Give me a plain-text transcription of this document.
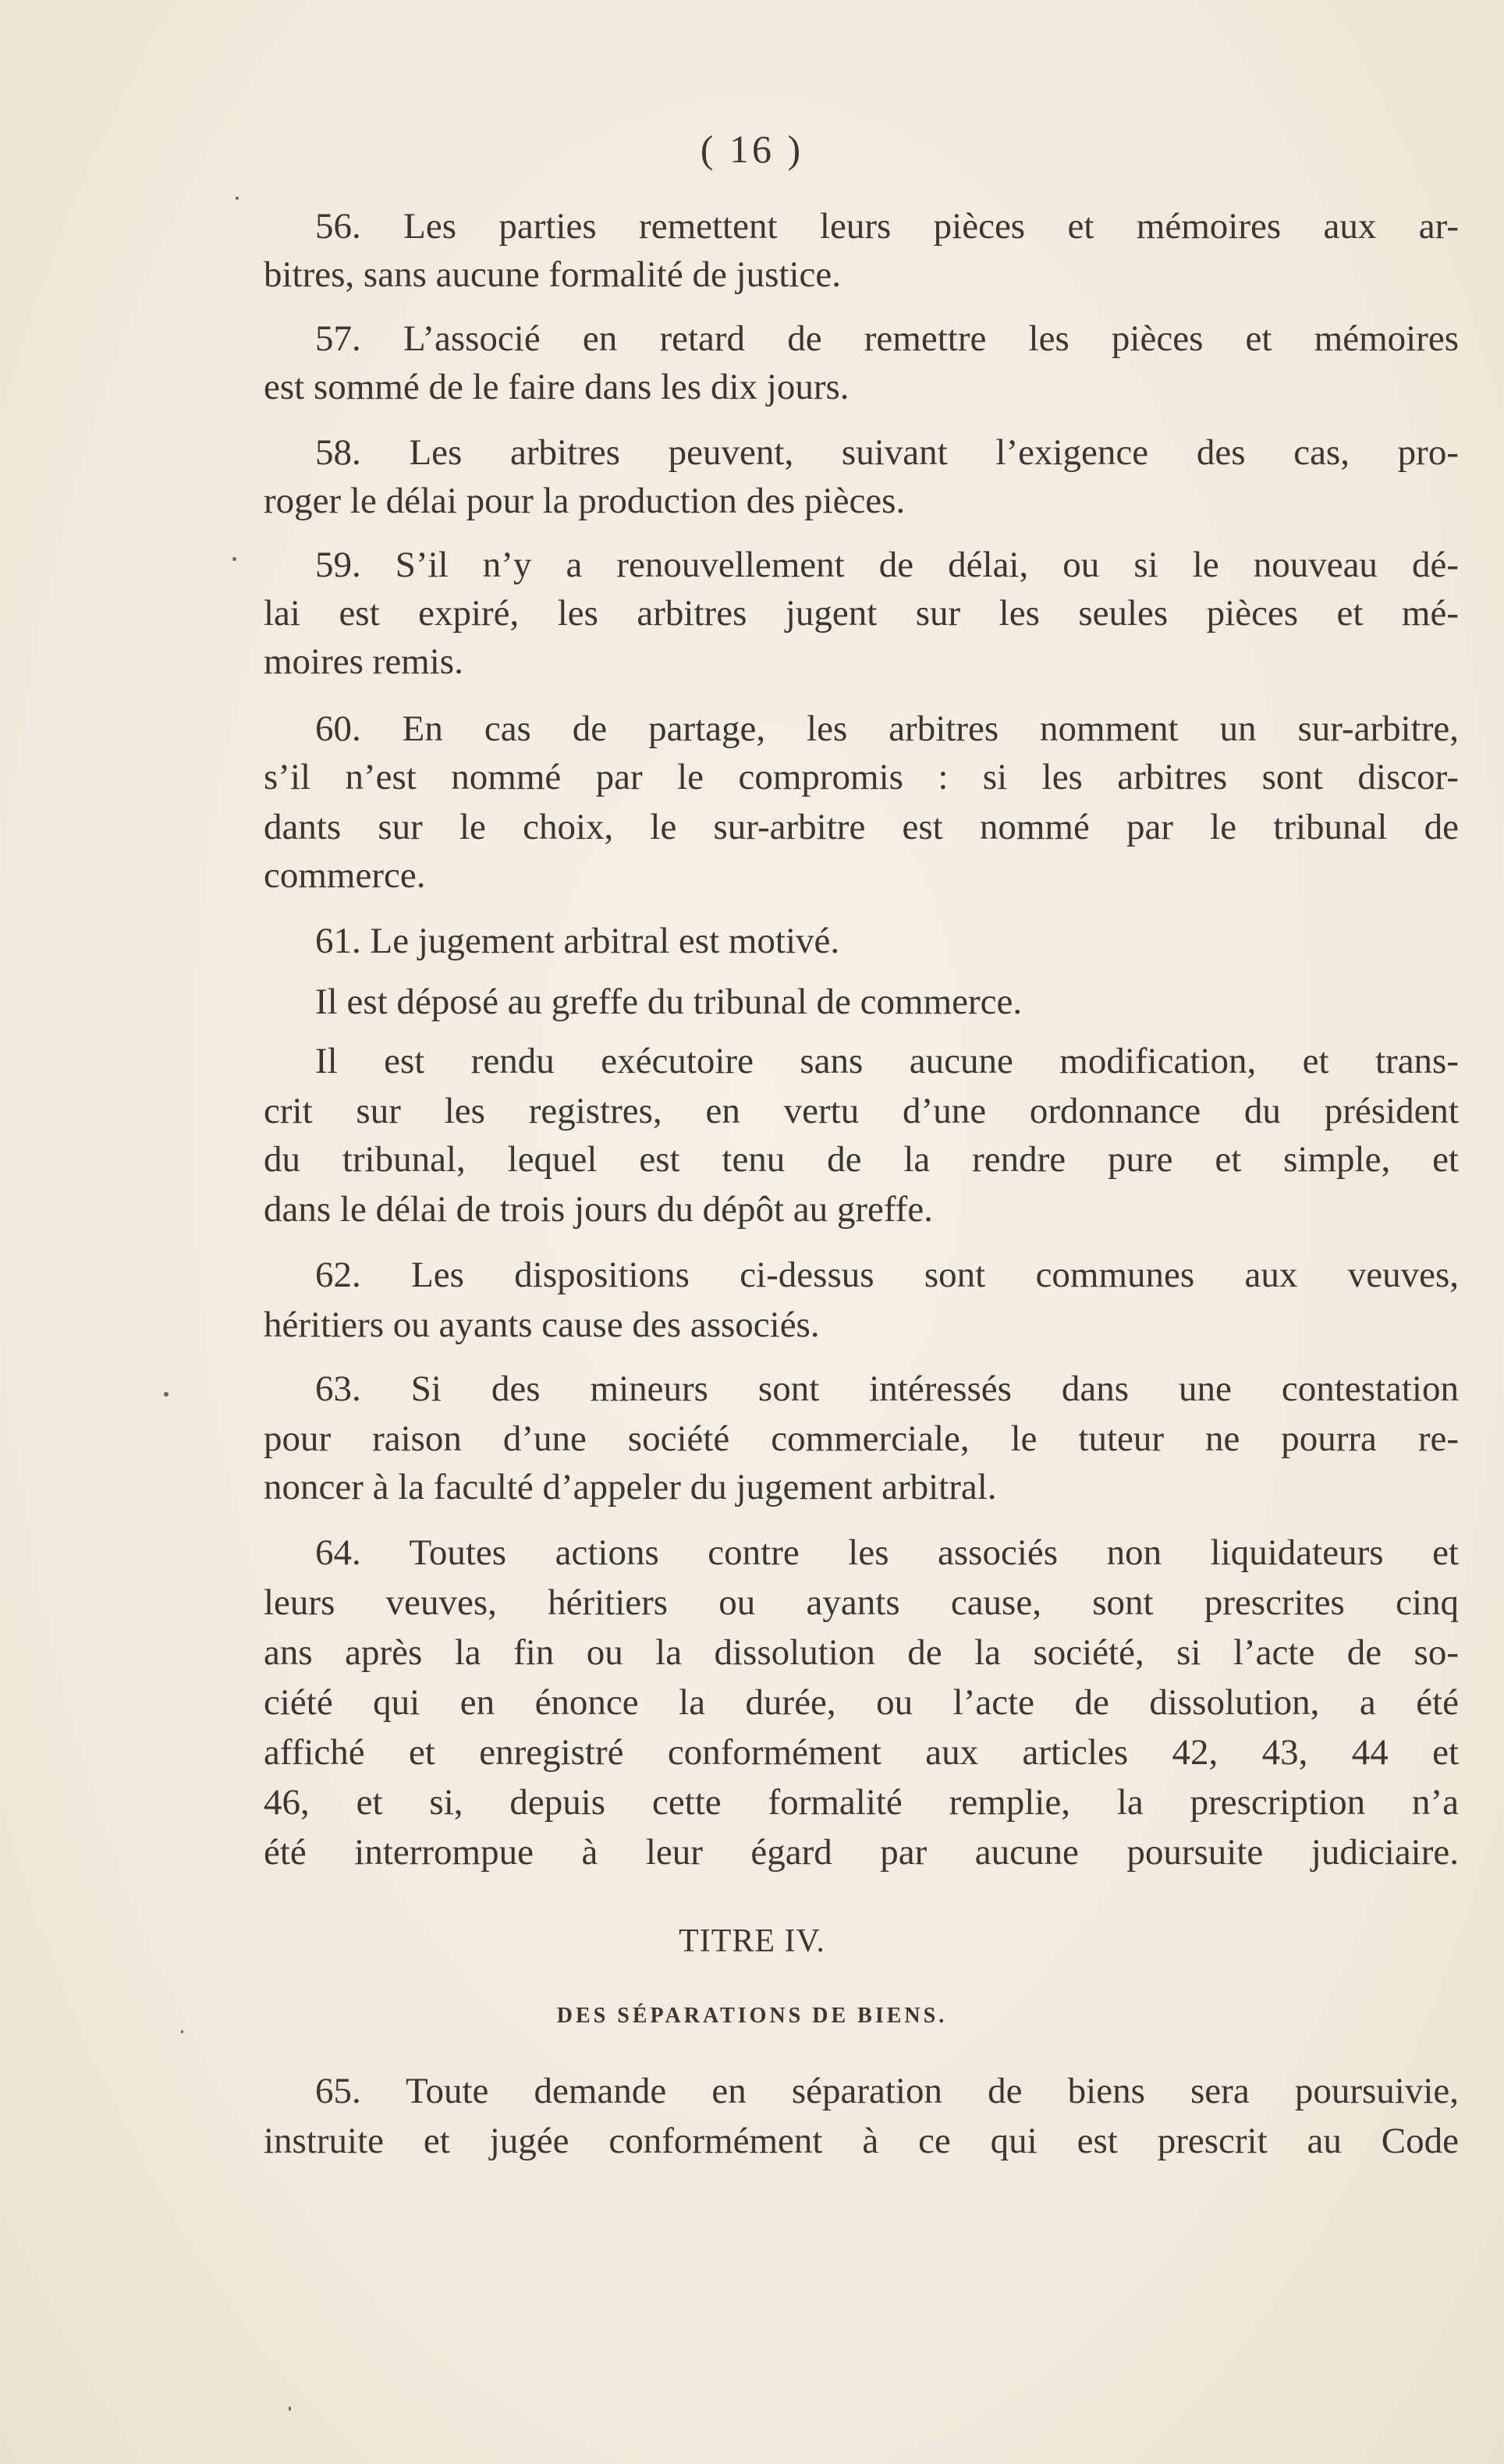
( 16 )
56. Les parties remettent leurs pièces et mémoires aux ar-
bitres, sans aucune formalité de justice.
57. L’associé en retard de remettre les pièces et mémoires
est sommé de le faire dans les dix jours.
58. Les arbitres peuvent, suivant l’exigence des cas, pro-
roger le délai pour la production des pièces.
59. S’il n’y a renouvellement de délai, ou si le nouveau dé-
lai est expiré, les arbitres jugent sur les seules pièces et mé-
moires remis.
60. En cas de partage, les arbitres nomment un sur-arbitre,
s’il n’est nommé par le compromis : si les arbitres sont discor-
dants sur le choix, le sur-arbitre est nommé par le tribunal de
commerce.
61. Le jugement arbitral est motivé.
Il est déposé au greffe du tribunal de commerce.
Il est rendu exécutoire sans aucune modification, et trans-
crit sur les registres, en vertu d’une ordonnance du président
du tribunal, lequel est tenu de la rendre pure et simple, et
dans le délai de trois jours du dépôt au greffe.
62. Les dispositions ci-dessus sont communes aux veuves,
héritiers ou ayants cause des associés.
63. Si des mineurs sont intéressés dans une contestation
pour raison d’une société commerciale, le tuteur ne pourra re-
noncer à la faculté d’appeler du jugement arbitral.
64. Toutes actions contre les associés non liquidateurs et
leurs veuves, héritiers ou ayants cause, sont prescrites cinq
ans après la fin ou la dissolution de la société, si l’acte de so-
ciété qui en énonce la durée, ou l’acte de dissolution, a été
affiché et enregistré conformément aux articles 42, 43, 44 et
46, et si, depuis cette formalité remplie, la prescription n’a
été interrompue à leur égard par aucune poursuite judiciaire.
65. Toute demande en séparation de biens sera poursuivie,
instruite et jugée conformément à ce qui est prescrit au Code
TITRE IV.
DES SÉPARATIONS DE BIENS.
